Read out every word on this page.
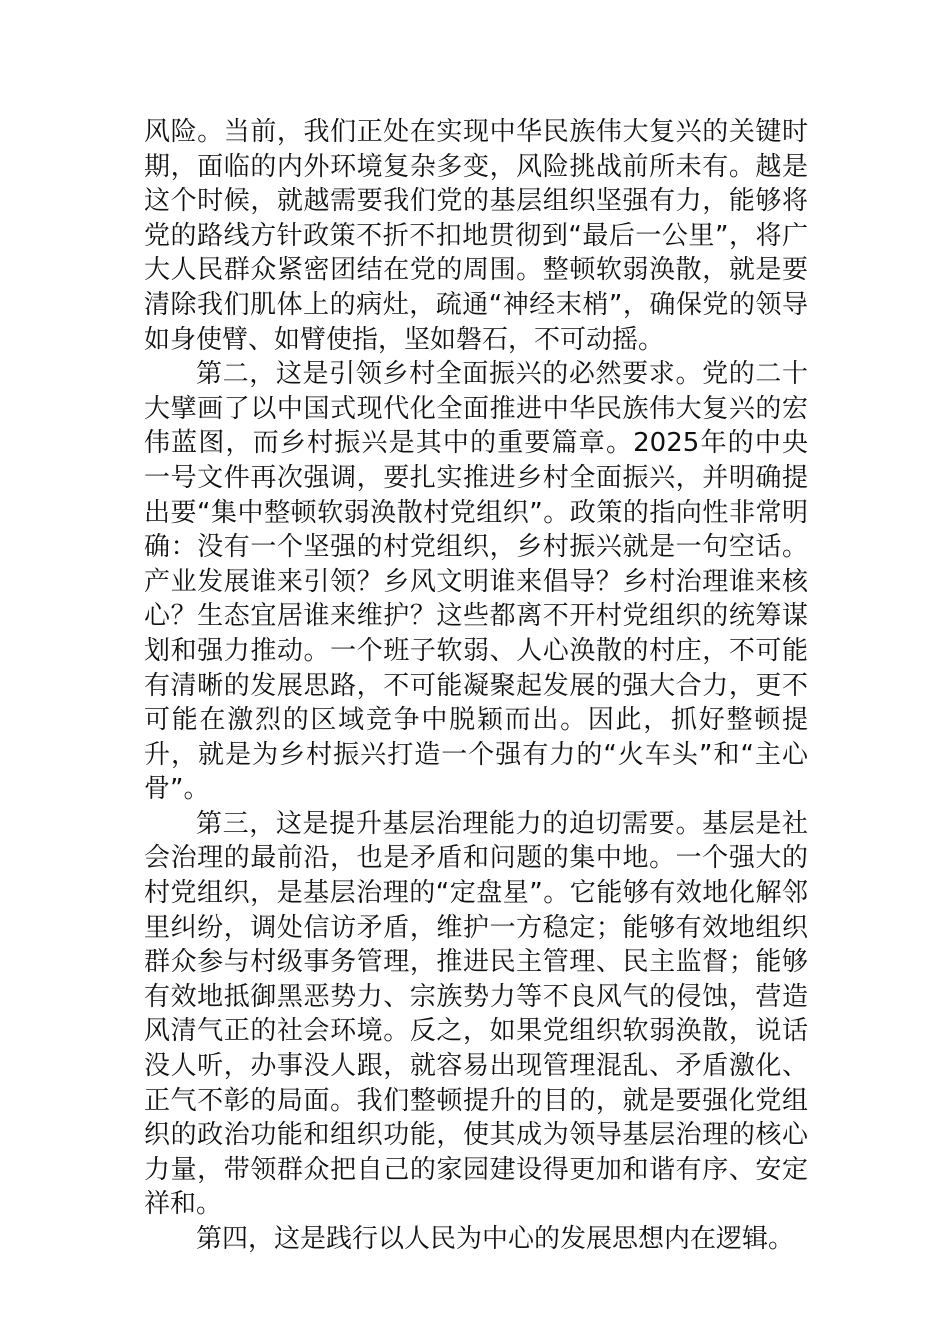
风险。当前，我们正处在实现中华民族伟大复兴的关键时期，面临的内外环境复杂多变，风险挑战前所未有。越是这个时候，就越需要我们党的基层组织坚强有力，能够将党的路线方针政策不折不扣地贯彻到“最后一公里”，将广大人民群众紧密团结在党的周围。整顿软弱涣散，就是要清除我们肌体上的病灶，疏通“神经末梢”，确保党的领导如身使臂、如臂使指，坚如磐石，不可动摇。

第二，这是引领乡村全面振兴的必然要求。党的二十大擘画了以中国式现代化全面推进中华民族伟大复兴的宏伟蓝图，而乡村振兴是其中的重要篇章。2025年的中央一号文件再次强调，要扎实推进乡村全面振兴，并明确提出要“集中整顿软弱涣散村党组织”。政策的指向性非常明确：没有一个坚强的村党组织，乡村振兴就是一句空话。产业发展谁来引领？乡风文明谁来倡导？乡村治理谁来核心？生态宜居谁来维护？这些都离不开村党组织的统筹谋划和强力推动。一个班子软弱、人心涣散的村庄，不可能有清晰的发展思路，不可能凝聚起发展的强大合力，更不可能在激烈的区域竞争中脱颖而出。因此，抓好整顿提升，就是为乡村振兴打造一个强有力的“火车头”和“主心骨”。

第三，这是提升基层治理能力的迫切需要。基层是社会治理的最前沿，也是矛盾和问题的集中地。一个强大的村党组织，是基层治理的“定盘星”。它能够有效地化解邻里纠纷，调处信访矛盾，维护一方稳定；能够有效地组织群众参与村级事务管理，推进民主管理、民主监督；能够有效地抵御黑恶势力、宗族势力等不良风气的侵蚀，营造风清气正的社会环境。反之，如果党组织软弱涣散，说话没人听，办事没人跟，就容易出现管理混乱、矛盾激化、正气不彰的局面。我们整顿提升的目的，就是要强化党组织的政治功能和组织功能，使其成为领导基层治理的核心力量，带领群众把自己的家园建设得更加和谐有序、安定祥和。

第四，这是践行以人民为中心的发展思想内在逻辑。
